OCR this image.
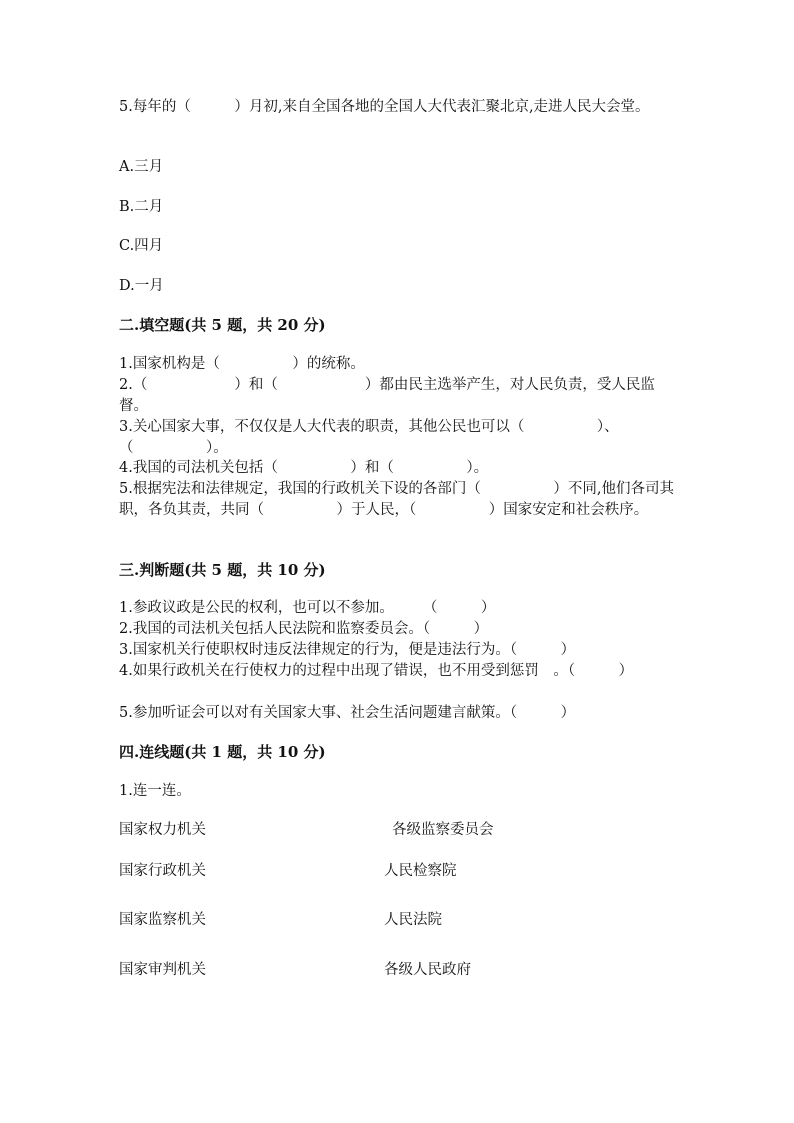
5.每年的（　　　）月初,来自全国各地的全国人大代表汇聚北京,走进人民大会堂。
A.三月
B.二月
C.四月
D.一月
二.填空题(共 5 题，共 20 分)
1.国家机构是（　　　　　）的统称。
2.（　　　　　　）和（　　　　　　）都由民主选举产生，对人民负责，受人民监督。
3.关心国家大事，不仅仅是人大代表的职责，其他公民也可以（　　　　　）、（　　　　　）。
4.我国的司法机关包括（　　　　　）和（　　　　　）。
5.根据宪法和法律规定，我国的行政机关下设的各部门（　　　　　）不同,他们各司其职，各负其责，共同（　　　　　）于人民，（　　　　　）国家安定和社会秩序。
三.判断题(共 5 题，共 10 分)
1.参政议政是公民的权利，也可以不参加。　　　（　　　）
2.我国的司法机关包括人民法院和监察委员会。（　　　）
3.国家机关行使职权时违反法律规定的行为，便是违法行为。（　　　）
4.如果行政机关在行使权力的过程中出现了错误，也不用受到惩罚　。（　　　）
5.参加听证会可以对有关国家大事、社会生活问题建言献策。（　　　）
四.连线题(共 1 题，共 10 分)
1.连一连。
国家权力机关	各级监察委员会
国家行政机关	人民检察院
国家监察机关	人民法院
国家审判机关	各级人民政府
